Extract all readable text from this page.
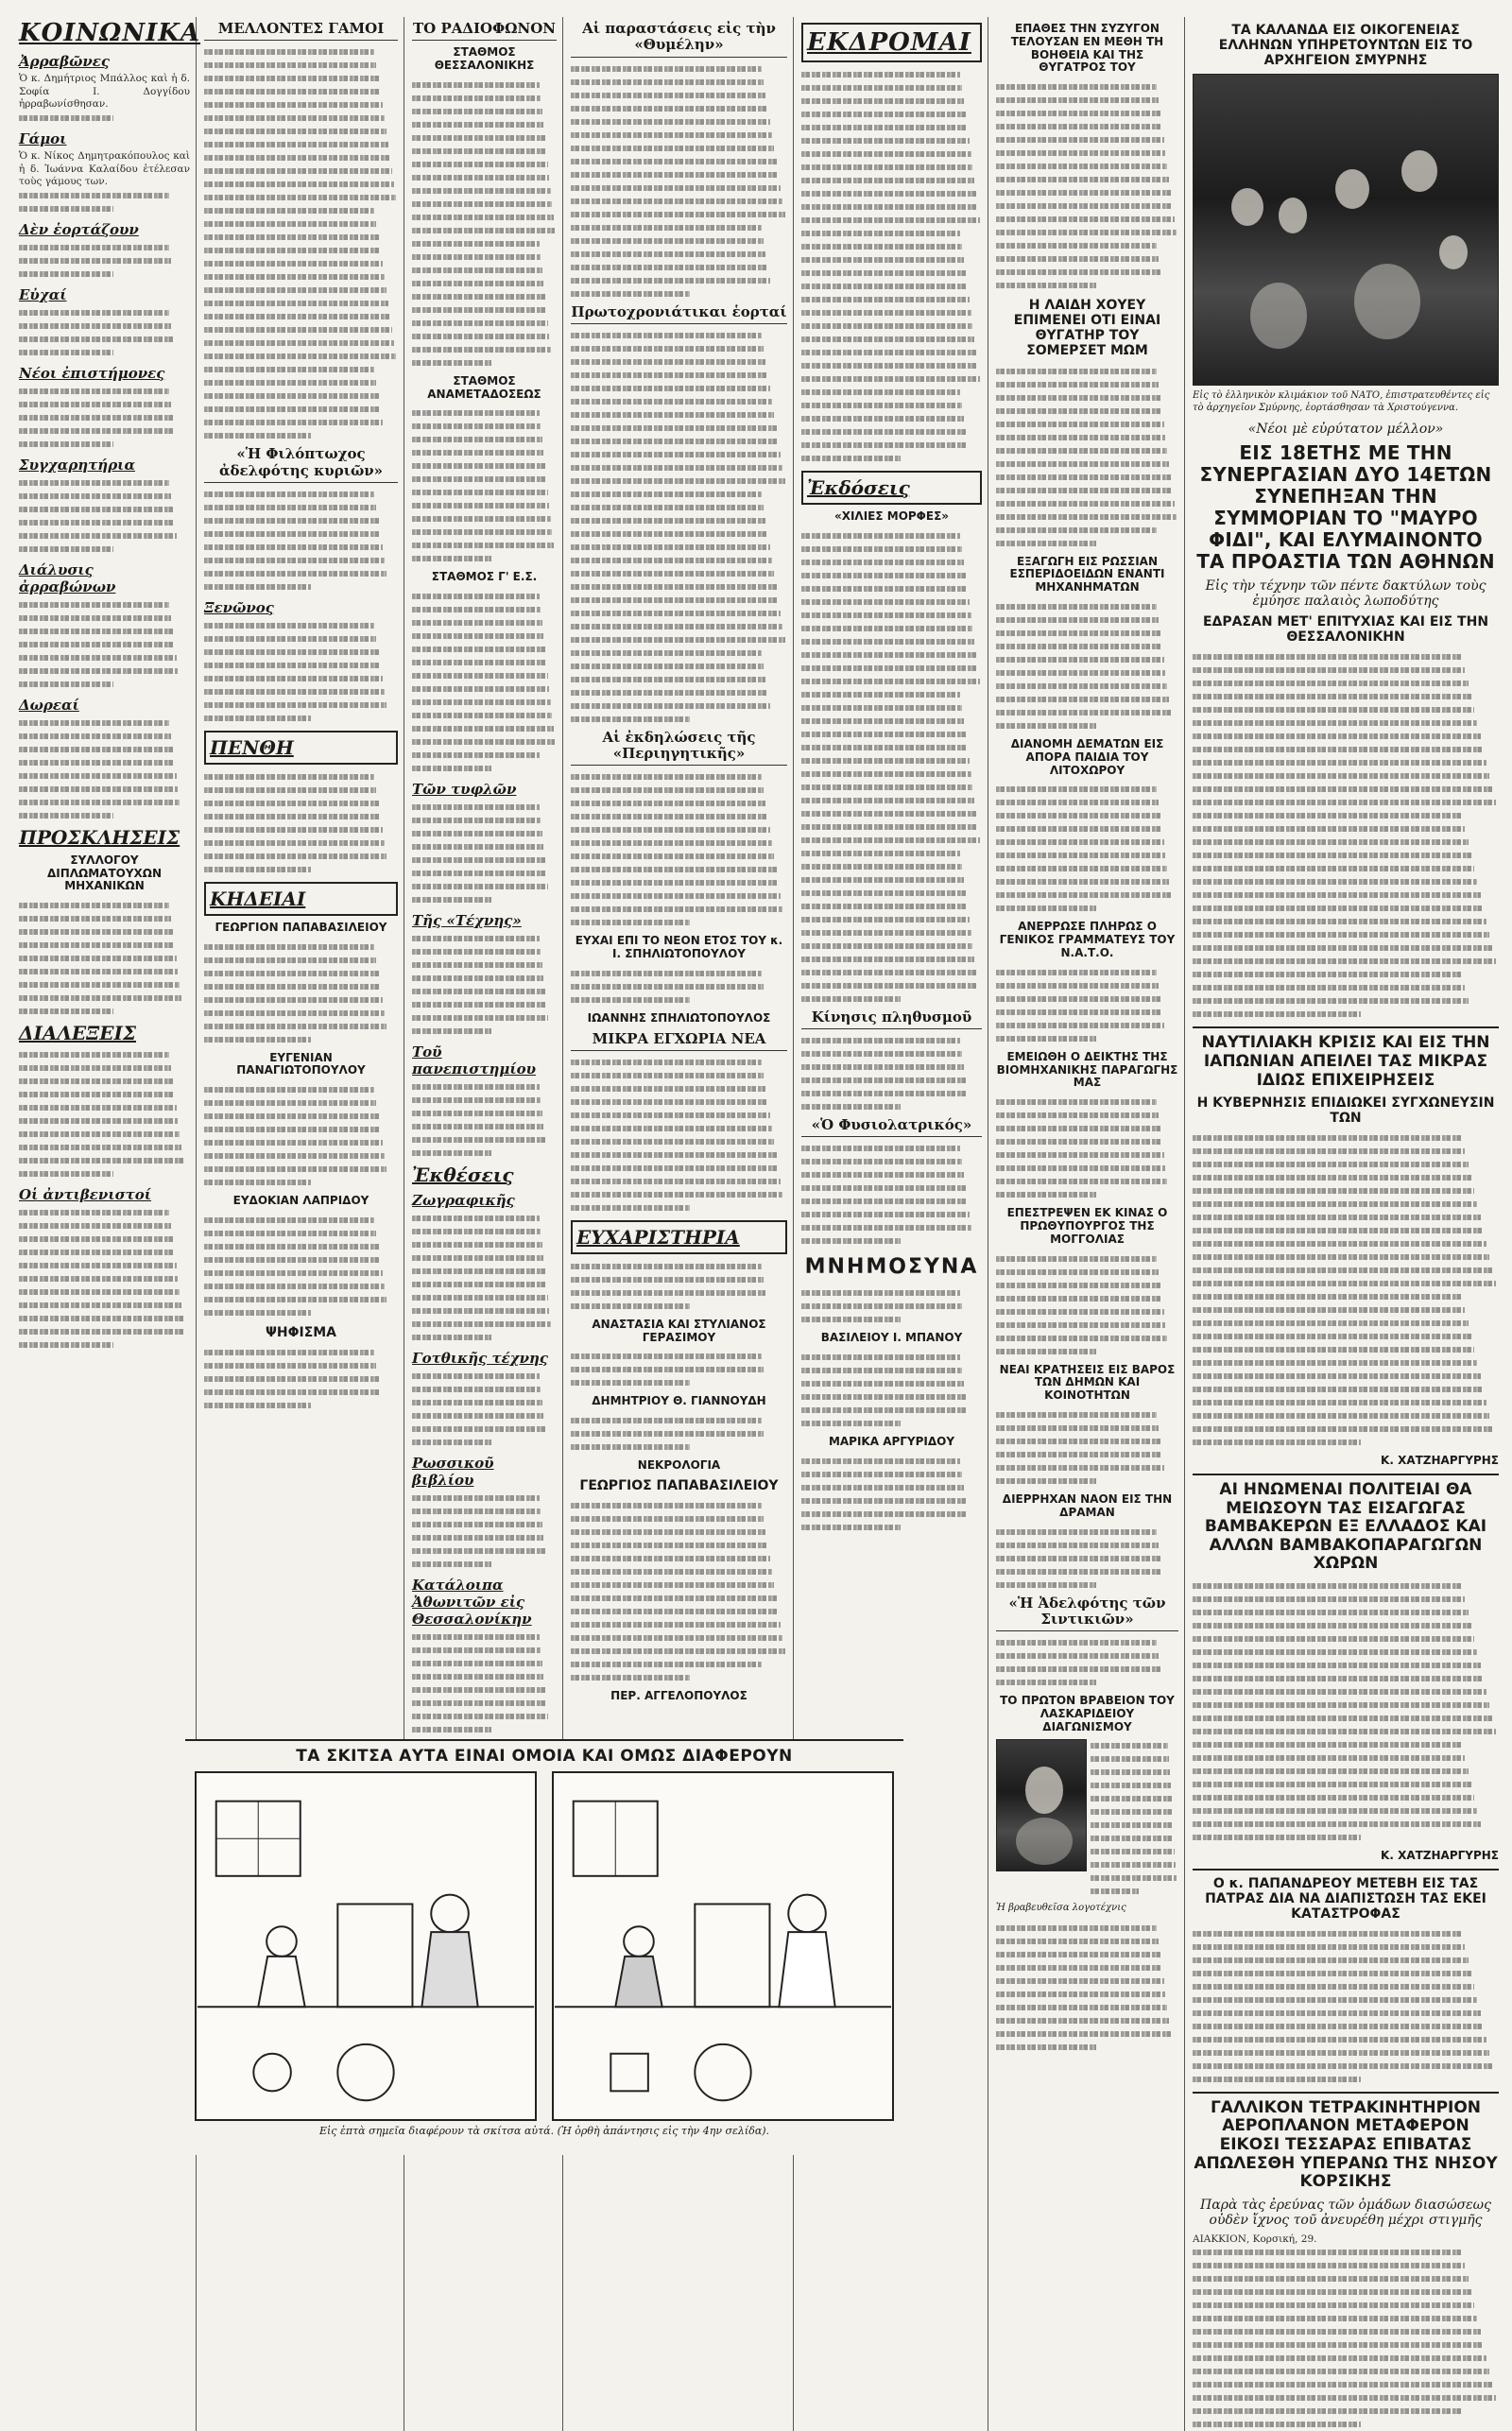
ΚΟΙΝΩΝΙΚΑ
Ἀρραβῶνες
Ὁ κ. Δημήτριος Μπάλλος καὶ ἡ δ. Σοφία Ι. Δογγίδου ἠρραβωνίσθησαν.
Γάμοι
Ὁ κ. Νίκος Δημητρακόπουλος καὶ ἡ δ. Ἰωάννα Καλαίδου ἐτέλεσαν τοὺς γάμους των.
Δὲν ἑορτάζουν
Εὐχαί
Νέοι ἐπιστήμονες
Συγχαρητήρια
Διάλυσις ἀρραβώνων
Δωρεαί
ΠΡΟΣΚΛΗΣΕΙΣ
ΣΥΛΛΟΓΟΥ ΔΙΠΛΩΜΑΤΟΥΧΩΝ ΜΗΧΑΝΙΚΩΝ
ΔΙΑΛΕΞΕΙΣ
Οἱ ἀντιβενιστοί
ΜΕΛΛΟΝΤΕΣ ΓΑΜΟΙ
«Ἡ Φιλόπτωχος ἀδελφότης κυριῶν»
Ξενῶνος
ΠΕΝΘΗ
ΚΗΔΕΙΑΙ
ΓΕΩΡΓΙΟΝ ΠΑΠΑΒΑΣΙΛΕΙΟΥ
ΕΥΓΕΝΙΑΝ ΠΑΝΑΓΙΩΤΟΠΟΥΛΟΥ
ΕΥΔΟΚΙΑΝ ΛΑΠΡΙΔΟΥ
ΨΗΦΙΣΜΑ
ΤΟ ΡΑΔΙΟΦΩΝΟΝ
ΣΤΑΘΜΟΣ ΘΕΣΣΑΛΟΝΙΚΗΣ
ΣΤΑΘΜΟΣ ΑΝΑΜΕΤΑΔΟΣΕΩΣ
ΣΤΑΘΜΟΣ Γ' Ε.Σ.
Τῶν τυφλῶν
Τῆς «Τέχνης»
Τοῦ πανεπιστημίου
Ἐκθέσεις
Ζωγραφικῆς
Γοτθικῆς τέχνης
Ρωσσικοῦ βιβλίου
Κατάλοιπα Ἀθωνιτῶν εἰς Θεσσαλονίκην
Αἱ παραστάσεις εἰς τὴν «Θυμέλην»
Πρωτοχρονιάτικαι ἑορταί
Αἱ ἐκδηλώσεις τῆς «Περιηγητικῆς»
ΕΥΧΑΙ ΕΠΙ ΤΟ ΝΕΟΝ ΕΤΟΣ ΤΟΥ κ. Ι. ΣΠΗΛΙΩΤΟΠΟΥΛΟΥ
ΙΩΑΝΝΗΣ ΣΠΗΛΙΩΤΟΠΟΥΛΟΣ
ΜΙΚΡΑ ΕΓΧΩΡΙΑ ΝΕΑ
ΕΥΧΑΡΙΣΤΗΡΙΑ
ΑΝΑΣΤΑΣΙΑ ΚΑΙ ΣΤΥΛΙΑΝΟΣ ΓΕΡΑΣΙΜΟΥ
ΔΗΜΗΤΡΙΟΥ Θ. ΓΙΑΝΝΟΥΔΗ
ΝΕΚΡΟΛΟΓΙΑ
ΓΕΩΡΓΙΟΣ ΠΑΠΑΒΑΣΙΛΕΙΟΥ
ΠΕΡ. ΑΓΓΕΛΟΠΟΥΛΟΣ
ΕΚΔΡΟΜΑΙ
Ἐκδόσεις
«ΧΙΛΙΕΣ ΜΟΡΦΕΣ»
Κίνησις πληθυσμοῦ
«Ὁ Φυσιολατρικός»
ΜΝΗΜΟΣΥΝΑ
ΒΑΣΙΛΕΙΟΥ Ι. ΜΠΑΝΟΥ
ΜΑΡΙΚΑ ΑΡΓΥΡΙΔΟΥ
ΕΠΑΘΕΣ ΤΗΝ ΣΥΖΥΓΟΝ ΤΕΛΟΥΣΑΝ ΕΝ ΜΕΘΗ ΤΗ ΒΟΗΘΕΙΑ ΚΑΙ ΤΗΣ ΘΥΓΑΤΡΟΣ ΤΟΥ
Η ΛΑΙΔΗ ΧΟΥΕΥ ΕΠΙΜΕΝΕΙ ΟΤΙ ΕΙΝΑΙ ΘΥΓΑΤΗΡ ΤΟΥ ΣΟΜΕΡΣΕΤ ΜΩΜ
ΕΞΑΓΩΓΗ ΕΙΣ ΡΩΣΣΙΑΝ ΕΣΠΕΡΙΔΟΕΙΔΩΝ ΕΝΑΝΤΙ ΜΗΧΑΝΗΜΑΤΩΝ
ΔΙΑΝΟΜΗ ΔΕΜΑΤΩΝ ΕΙΣ ΑΠΟΡΑ ΠΑΙΔΙΑ ΤΟΥ ΛΙΤΟΧΩΡΟΥ
ΑΝΕΡΡΩΣΕ ΠΛΗΡΩΣ Ο ΓΕΝΙΚΟΣ ΓΡΑΜΜΑΤΕΥΣ ΤΟΥ Ν.Α.Τ.Ο.
ΕΜΕΙΩΘΗ Ο ΔΕΙΚΤΗΣ ΤΗΣ ΒΙΟΜΗΧΑΝΙΚΗΣ ΠΑΡΑΓΩΓΗΣ ΜΑΣ
ΕΠΕΣΤΡΕΨΕΝ ΕΚ ΚΙΝΑΣ Ο ΠΡΩΘΥΠΟΥΡΓΟΣ ΤΗΣ ΜΟΓΓΟΛΙΑΣ
ΝΕΑΙ ΚΡΑΤΗΣΕΙΣ ΕΙΣ ΒΑΡΟΣ ΤΩΝ ΔΗΜΩΝ ΚΑΙ ΚΟΙΝΟΤΗΤΩΝ
ΔΙΕΡΡΗΧΑΝ ΝΑΟΝ ΕΙΣ ΤΗΝ ΔΡΑΜΑΝ
«Ἡ Ἀδελφότης τῶν Σιντικιῶν»
ΤΟ ΠΡΩΤΟΝ ΒΡΑΒΕΙΟΝ ΤΟΥ ΛΑΣΚΑΡΙΔΕΙΟΥ ΔΙΑΓΩΝΙΣΜΟΥ
Ἡ βραβευθεῖσα λογοτέχνις
ΤΑ ΚΑΛΑΝΔΑ ΕΙΣ ΟΙΚΟΓΕΝΕΙΑΣ ΕΛΛΗΝΩΝ ΥΠΗΡΕΤΟΥΝΤΩΝ ΕΙΣ ΤΟ ΑΡΧΗΓΕΙΟΝ ΣΜΥΡΝΗΣ
Εἰς τὸ ἑλληνικὸν κλιμάκιον τοῦ ΝΑΤΟ, ἐπιστρατευθέντες εἰς τὸ ἀρχηγεῖον Σμύρνης, ἑορτάσθησαν τὰ Χριστούγεννα.
«Νέοι μὲ εὐρύτατον μέλλον»
ΕΙΣ 18ΕΤΗΣ ΜΕ ΤΗΝ ΣΥΝΕΡΓΑΣΙΑΝ ΔΥΟ 14ΕΤΩΝ ΣΥΝΕΠΗΞΑΝ ΤΗΝ ΣΥΜΜΟΡΙΑΝ ΤΟ "ΜΑΥΡΟ ΦΙΔΙ", ΚΑΙ ΕΛΥΜΑΙΝΟΝΤΟ ΤΑ ΠΡΟΑΣΤΙΑ ΤΩΝ ΑΘΗΝΩΝ
Εἰς τὴν τέχνην τῶν πέντε δακτύλων τοὺς ἐμύησε παλαιὸς λωποδύτης
ΕΔΡΑΣΑΝ ΜΕΤ' ΕΠΙΤΥΧΙΑΣ ΚΑΙ ΕΙΣ ΤΗΝ ΘΕΣΣΑΛΟΝΙΚΗΝ
ΝΑΥΤΙΛΙΑΚΗ ΚΡΙΣΙΣ ΚΑΙ ΕΙΣ ΤΗΝ ΙΑΠΩΝΙΑΝ ΑΠΕΙΛΕΙ ΤΑΣ ΜΙΚΡΑΣ ΙΔΙΩΣ ΕΠΙΧΕΙΡΗΣΕΙΣ
Η ΚΥΒΕΡΝΗΣΙΣ ΕΠΙΔΙΩΚΕΙ ΣΥΓΧΩΝΕΥΣΙΝ ΤΩΝ
Κ. ΧΑΤΖΗΑΡΓΥΡΗΣ
ΑΙ ΗΝΩΜΕΝΑΙ ΠΟΛΙΤΕΙΑΙ ΘΑ ΜΕΙΩΣΟΥΝ ΤΑΣ ΕΙΣΑΓΩΓΑΣ ΒΑΜΒΑΚΕΡΩΝ ΕΞ ΕΛΛΑΔΟΣ ΚΑΙ ΑΛΛΩΝ ΒΑΜΒΑΚΟΠΑΡΑΓΩΓΩΝ ΧΩΡΩΝ
Κ. ΧΑΤΖΗΑΡΓΥΡΗΣ
Ο κ. ΠΑΠΑΝΔΡΕΟΥ ΜΕΤΕΒΗ ΕΙΣ ΤΑΣ ΠΑΤΡΑΣ ΔΙΑ ΝΑ ΔΙΑΠΙΣΤΩΣΗ ΤΑΣ ΕΚΕΙ ΚΑΤΑΣΤΡΟΦΑΣ
ΓΑΛΛΙΚΟΝ ΤΕΤΡΑΚΙΝΗΤΗΡΙΟΝ ΑΕΡΟΠΛΑΝΟΝ ΜΕΤΑΦΕΡΟΝ ΕΙΚΟΣΙ ΤΕΣΣΑΡΑΣ ΕΠΙΒΑΤΑΣ ΑΠΩΛΕΣΘΗ ΥΠΕΡΑΝΩ ΤΗΣ ΝΗΣΟΥ ΚΟΡΣΙΚΗΣ
Παρὰ τὰς ἐρεύνας τῶν ὁμάδων διασώσεως οὐδὲν ἴχνος τοῦ ἀνευρέθη μέχρι στιγμῆς
ΑΙΑΚΚΙΟΝ, Κορσική, 29.
ΤΑ ΣΚΙΤΣΑ ΑΥΤΑ ΕΙΝΑΙ ΟΜΟΙΑ ΚΑΙ ΟΜΩΣ ΔΙΑΦΕΡΟΥΝ
Εἰς ἑπτὰ σημεῖα διαφέρουν τὰ σκίτσα αὐτά. (Ἡ ὀρθὴ ἀπάντησις εἰς τὴν 4ην σελίδα).
